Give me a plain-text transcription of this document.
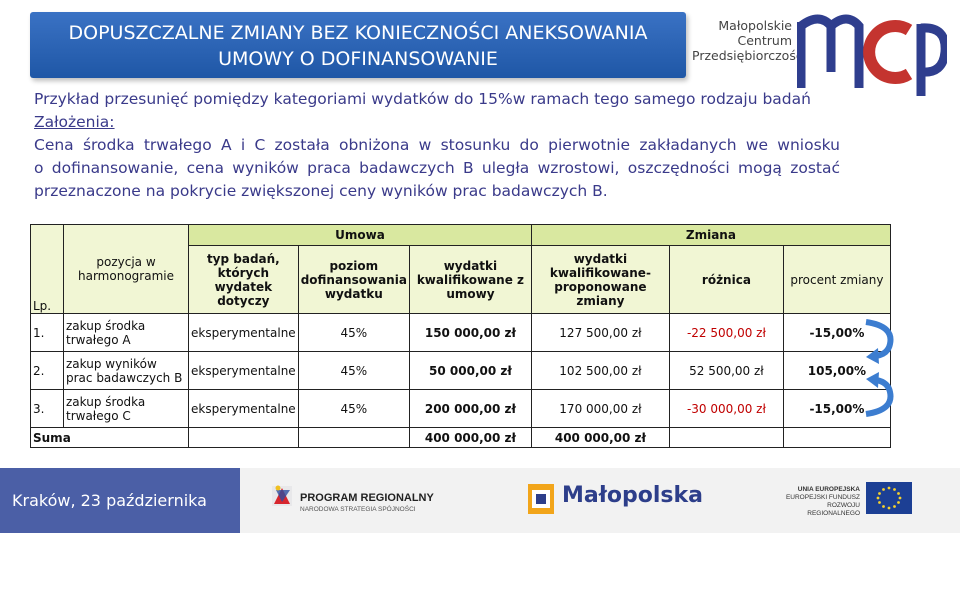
DOPUSZCZALNE ZMIANY BEZ KONIECZNOŚCI ANEKSOWANIA
UMOWY O DOFINANSOWANIE
Małopolskie
Centrum
Przedsiębiorczości
Przykład przesunięć pomiędzy kategoriami wydatków do 15%w ramach tego samego rodzaju badań
Założenia:
Cena środka trwałego A i C została obniżona w stosunku do pierwotnie zakładanych we wniosku
o dofinansowanie, cena wyników praca badawczych B uległa wzrostowi, oszczędności mogą zostać
przeznaczone na pokrycie zwiększonej ceny wyników prac badawczych B.
Lp.	pozycja w harmonogramie	Umowa			Zmiana		
		typ badań, których wydatek dotyczy	poziom dofinansowania wydatku	wydatki kwalifikowane z umowy	wydatki kwalifikowane-proponowane zmiany	różnica	procent zmiany
1.	zakup środka trwałego A	eksperymentalne	45%	150 000,00 zł	127 500,00 zł	-22 500,00 zł	-15,00%
2.	zakup wyników prac badawczych B	eksperymentalne	45%	50 000,00 zł	102 500,00 zł	52 500,00 zł	105,00%
3.	zakup środka trwałego C	eksperymentalne	45%	200 000,00 zł	170 000,00 zł	-30 000,00 zł	-15,00%
Suma				400 000,00 zł	400 000,00 zł		
Kraków, 23 października 2013 r.
PROGRAM REGIONALNY
NARODOWA STRATEGIA SPÓJNOŚCI
Małopolska	UNIA EUROPEJSKA
EUROPEJSKI FUNDUSZ
ROZWOJU REGIONALNEGO
